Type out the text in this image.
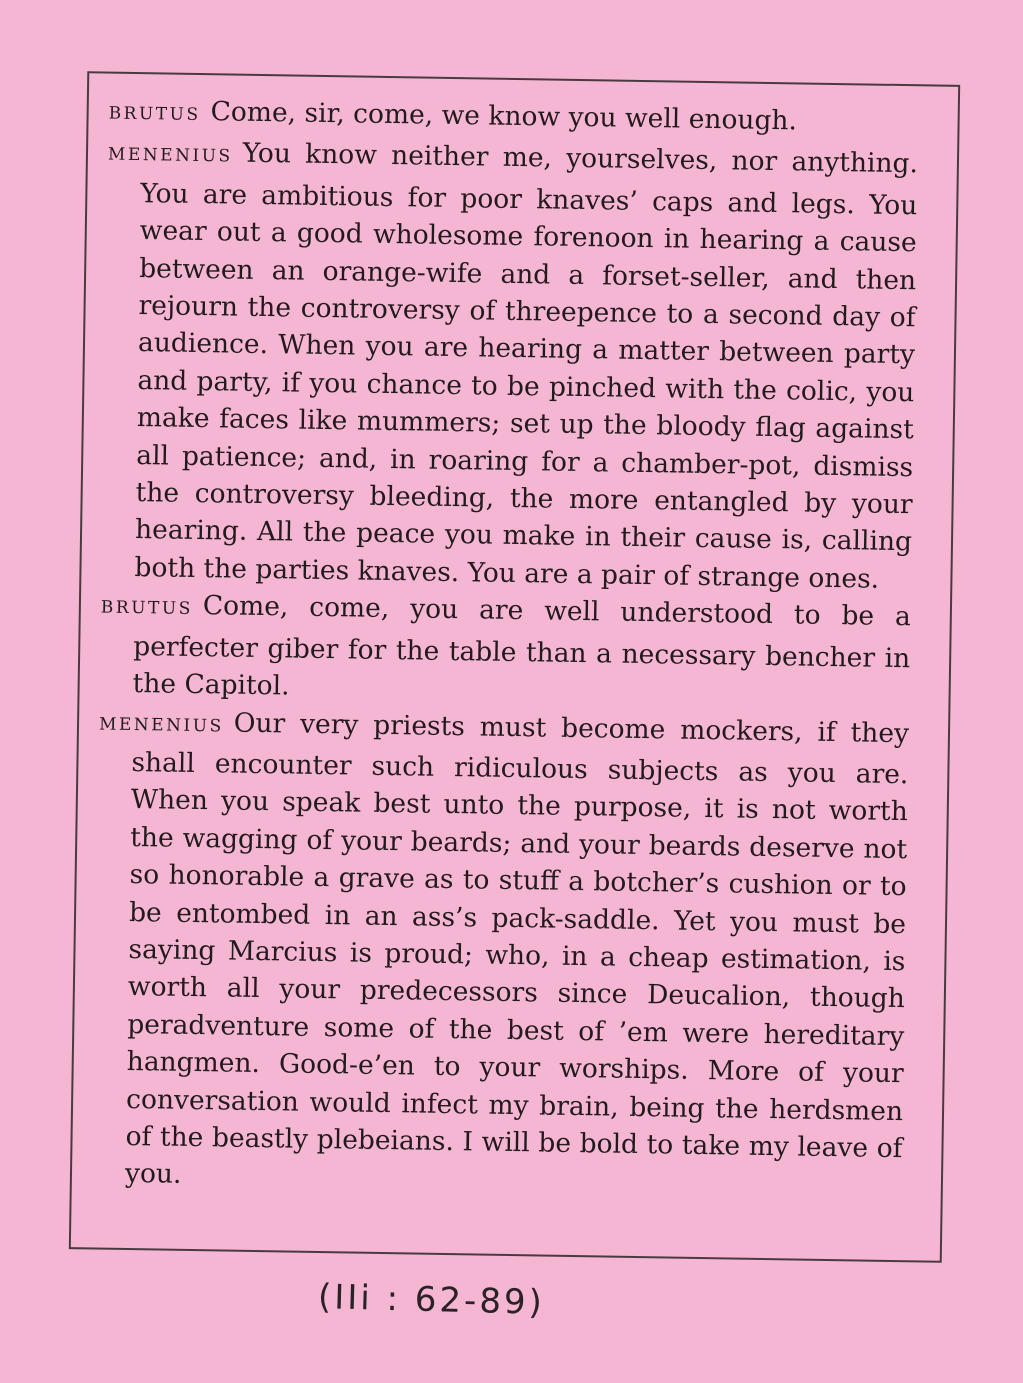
BRUTUS Come, sir, come, we know you well enough.

MENENIUS You know neither me, yourselves, nor anything. You are ambitious for poor knaves’ caps and legs. You wear out a good wholesome forenoon in hearing a cause between an orange-wife and a forset-seller, and then rejourn the controversy of threepence to a second day of audience. When you are hearing a matter between party and party, if you chance to be pinched with the colic, you make faces like mummers; set up the bloody flag against all patience; and, in roaring for a chamber-pot, dismiss the controversy bleeding, the more entangled by your hearing. All the peace you make in their cause is, calling both the parties knaves. You are a pair of strange ones.

BRUTUS Come, come, you are well understood to be a perfecter giber for the table than a necessary bencher in the Capitol.

MENENIUS Our very priests must become mockers, if they shall encounter such ridiculous subjects as you are. When you speak best unto the purpose, it is not worth the wagging of your beards; and your beards deserve not so honorable a grave as to stuff a botcher’s cushion or to be entombed in an ass’s pack-saddle. Yet you must be saying Marcius is proud; who, in a cheap estimation, is worth all your predecessors since Deucalion, though peradventure some of the best of ’em were hereditary hangmen. Good-e’en to your worships. More of your conversation would infect my brain, being the herdsmen of the beastly plebeians. I will be bold to take my leave of you.

(IIi : 62-89)
